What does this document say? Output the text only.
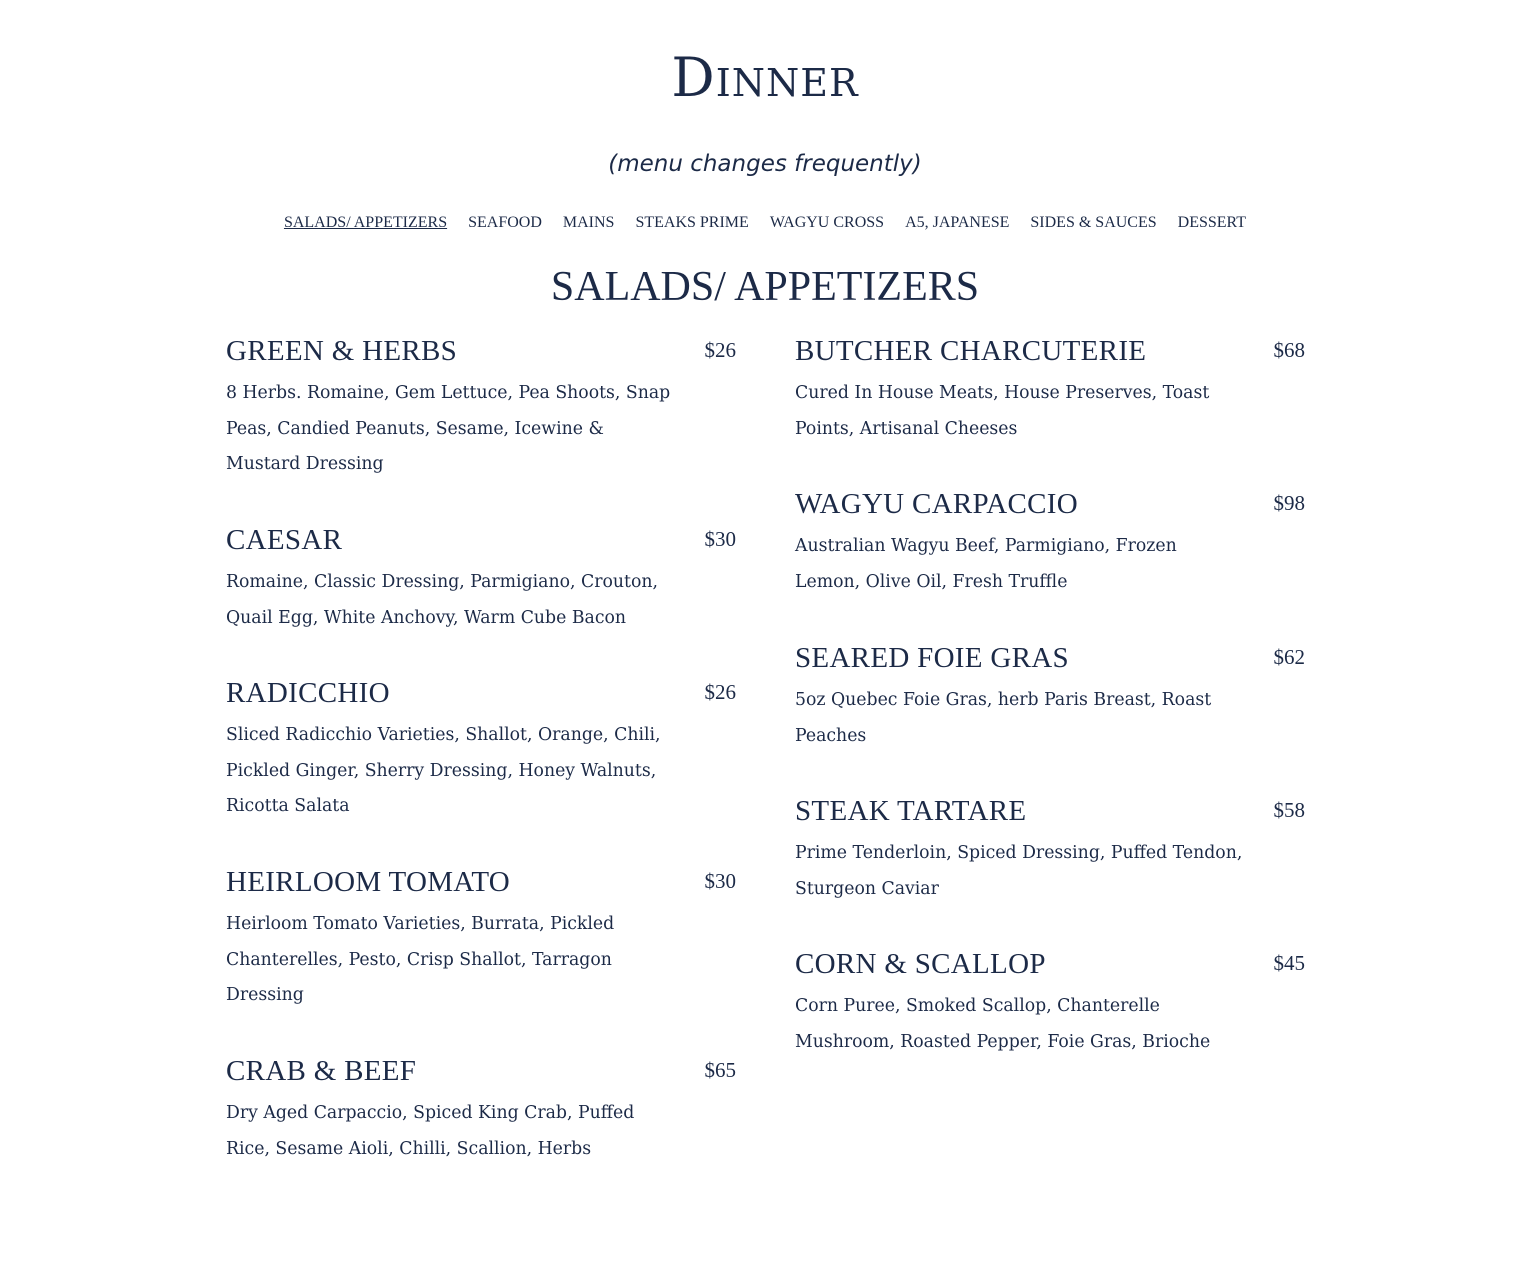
Dinner
(menu changes frequently)
SALADS/ APPETIZERS SEAFOOD MAINS STEAKS PRIME WAGYU CROSS A5, JAPANESE SIDES & SAUCES DESSERT
SALADS/ APPETIZERS
GREEN & HERBS	$26
8 Herbs. Romaine, Gem Lettuce, Pea Shoots, Snap Peas, Candied Peanuts, Sesame, Icewine & Mustard Dressing
CAESAR	$30
Romaine, Classic Dressing, Parmigiano, Crouton, Quail Egg, White Anchovy, Warm Cube Bacon
RADICCHIO	$26
Sliced Radicchio Varieties, Shallot, Orange, Chili, Pickled Ginger, Sherry Dressing, Honey Walnuts, Ricotta Salata
HEIRLOOM TOMATO	$30
Heirloom Tomato Varieties, Burrata, Pickled Chanterelles, Pesto, Crisp Shallot, Tarragon Dressing
CRAB & BEEF	$65
Dry Aged Carpaccio, Spiced King Crab, Puffed Rice, Sesame Aioli, Chilli, Scallion, Herbs
BUTCHER CHARCUTERIE	$68
Cured In House Meats, House Preserves, Toast Points, Artisanal Cheeses
WAGYU CARPACCIO	$98
Australian Wagyu Beef, Parmigiano, Frozen Lemon, Olive Oil, Fresh Truffle
SEARED FOIE GRAS	$62
5oz Quebec Foie Gras, herb Paris Breast, Roast Peaches
STEAK TARTARE	$58
Prime Tenderloin, Spiced Dressing, Puffed Tendon, Sturgeon Caviar
CORN & SCALLOP	$45
Corn Puree, Smoked Scallop, Chanterelle Mushroom, Roasted Pepper, Foie Gras, Brioche
